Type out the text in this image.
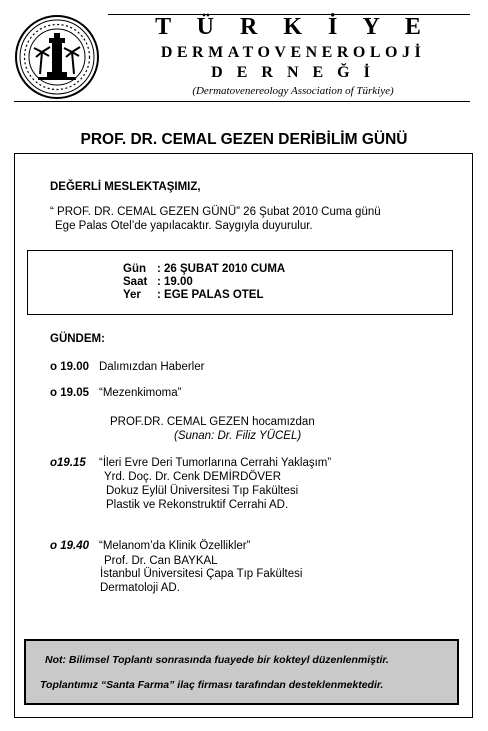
T Ü R K İ Y E
DERMATOVENEROLOJİ
D E R N E Ğ İ
(Dermatovenereology Association of Türkiye)
PROF. DR. CEMAL GEZEN DERİBİLİM GÜNÜ
DEĞERLİ MESLEKTAŞIMIZ,
“ PROF. DR. CEMAL GEZEN GÜNÜ” 26 Şubat 2010 Cuma günü
Ege Palas Otel’de yapılacaktır. Saygıyla duyurulur.
Gün : 26 ŞUBAT 2010 CUMA
Saat : 19.00
Yer : EGE PALAS OTEL
GÜNDEM:
o 19.00 Dalımızdan Haberler
o 19.05 “Mezenkimoma”
PROF.DR. CEMAL GEZEN hocamızdan
(Sunan: Dr. Filiz YÜCEL)
o19.15 “İleri Evre Deri Tumorlarına Cerrahi Yaklaşım”
Yrd. Doç. Dr. Cenk DEMİRDÖVER
Dokuz Eylül Üniversitesi Tıp Fakültesi
Plastik ve Rekonstruktif Cerrahi AD.
o 19.40 “Melanom’da Klinik Özellikler”
Prof. Dr. Can BAYKAL
İstanbul Üniversitesi Çapa Tıp Fakültesi
Dermatoloji AD.
Not: Bilimsel Toplantı sonrasında fuayede bir kokteyl düzenlenmiştir.
Toplantımız “Santa Farma” ilaç firması tarafından desteklenmektedir.
